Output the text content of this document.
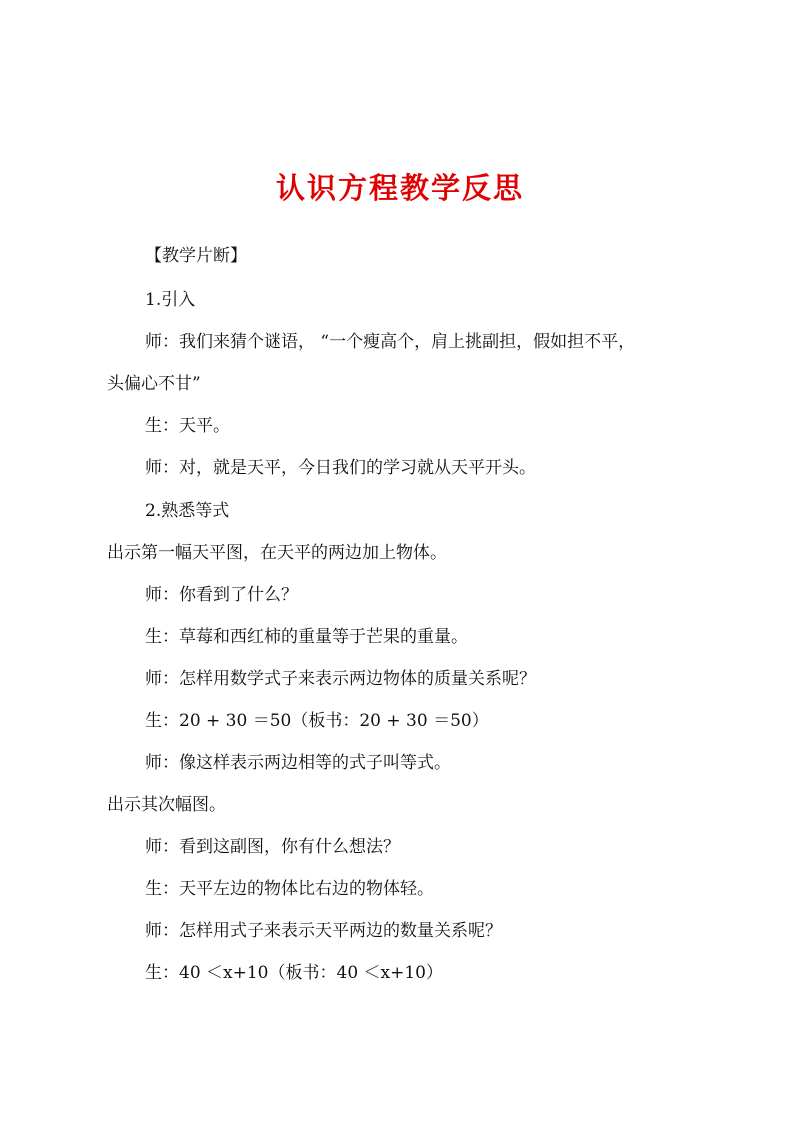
认识方程教学反思
【教学片断】
1.引入
师：我们来猜个谜语， “一个瘦高个，肩上挑副担，假如担不平，
头偏心不甘”
生：天平。
师：对，就是天平，今日我们的学习就从天平开头。
2.熟悉等式
出示第一幅天平图，在天平的两边加上物体。
师：你看到了什么？
生：草莓和西红柿的重量等于芒果的重量。
师：怎样用数学式子来表示两边物体的质量关系呢？
生：20 + 30 ＝50（板书：20 + 30 ＝50）
师：像这样表示两边相等的式子叫等式。
出示其次幅图。
师：看到这副图，你有什么想法？
生：天平左边的物体比右边的物体轻。
师：怎样用式子来表示天平两边的数量关系呢？
生：40 ＜x+10（板书：40 ＜x+10）
